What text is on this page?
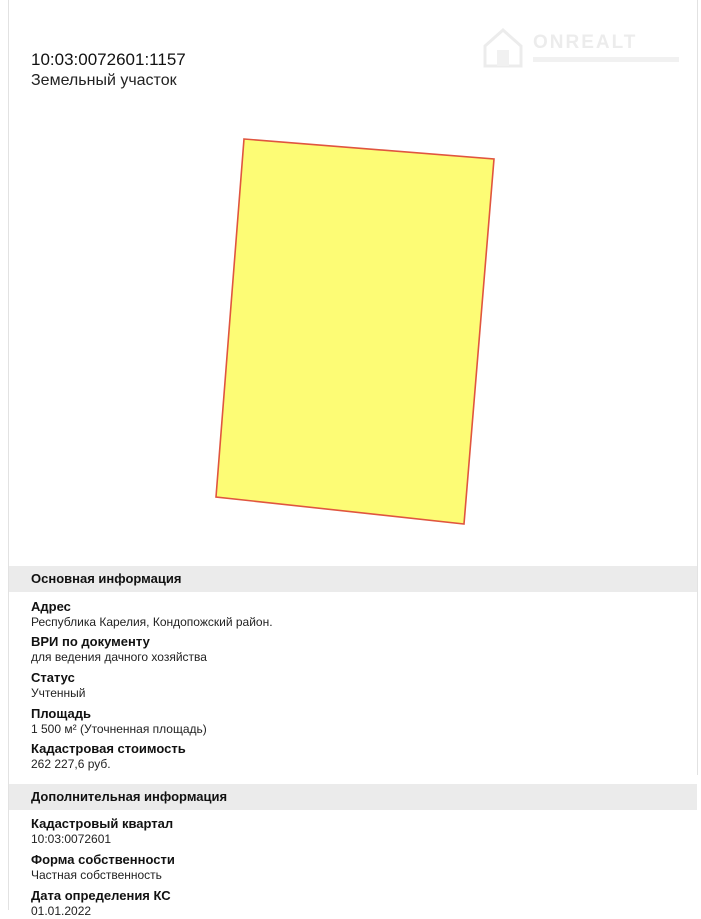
10:03:0072601:1157
Земельный участок
ONREALT
Основная информация
Адрес
Республика Карелия, Кондопожский район.
ВРИ по документу
для ведения дачного хозяйства
Статус
Учтенный
Площадь
1 500 м² (Уточненная площадь)
Кадастровая стоимость
262 227,6 руб.
Дополнительная информация
Кадастровый квартал
10:03:0072601
Форма собственности
Частная собственность
Дата определения КС
01.01.2022
